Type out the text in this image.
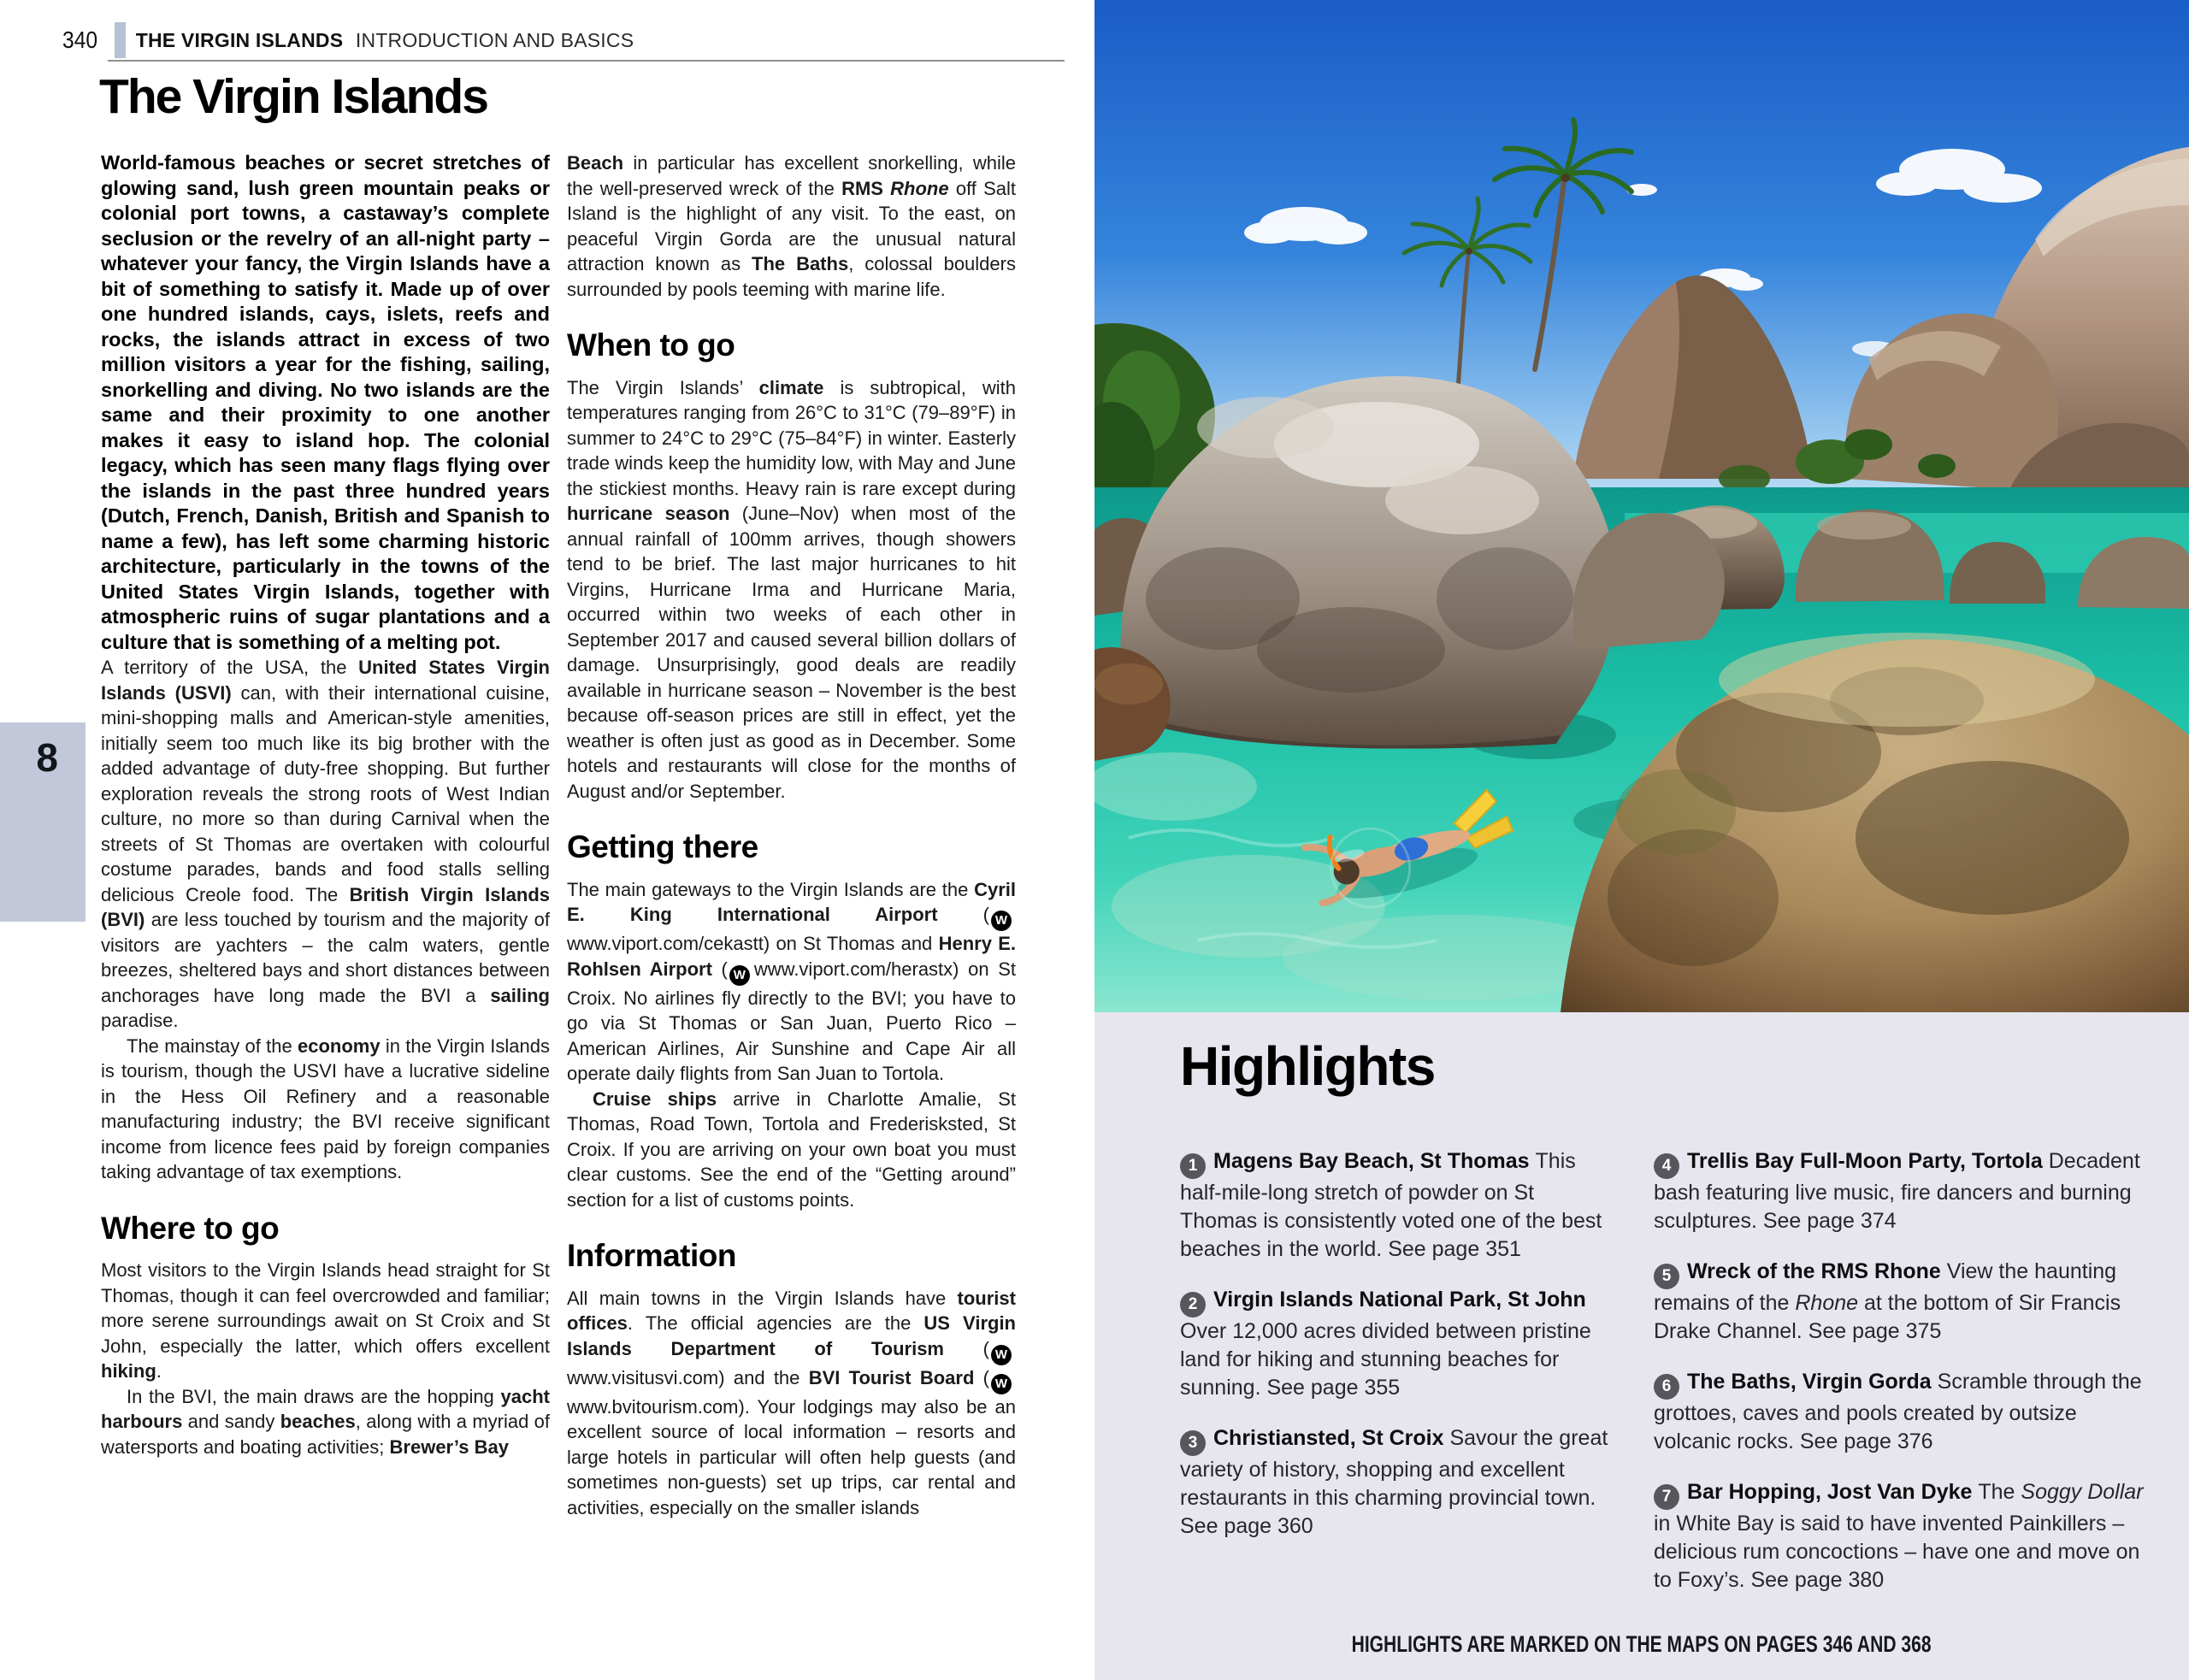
340 THE VIRGIN ISLANDS INTRODUCTION AND BASICS
8
The Virgin Islands

World-famous beaches or secret stretches of glowing sand, lush green mountain peaks or colonial port towns, a castaway’s complete seclusion or the revelry of an all-night party – whatever your fancy, the Virgin Islands have a bit of something to satisfy it. Made up of over one hundred islands, cays, islets, reefs and rocks, the islands attract in excess of two million visitors a year for the fishing, sailing, snorkelling and diving. No two islands are the same and their proximity to one another makes it easy to island hop. The colonial legacy, which has seen many flags flying over the islands in the past three hundred years (Dutch, French, Danish, British and Spanish to name a few), has left some charming historic architecture, particularly in the towns of the United States Virgin Islands, together with atmospheric ruins of sugar plantations and a culture that is something of a melting pot.

A territory of the USA, the United States Virgin Islands (USVI) can, with their international cuisine, mini-shopping malls and American-style amenities, initially seem too much like its big brother with the added advantage of duty-free shopping. But further exploration reveals the strong roots of West Indian culture, no more so than during Carnival when the streets of St Thomas are overtaken with colourful costume parades, bands and food stalls selling delicious Creole food. The British Virgin Islands (BVI) are less touched by tourism and the majority of visitors are yachters – the calm waters, gentle breezes, sheltered bays and short distances between anchorages have long made the BVI a sailing paradise.

The mainstay of the economy in the Virgin Islands is tourism, though the USVI have a lucrative sideline in the Hess Oil Refinery and a reasonable manufacturing industry; the BVI receive significant income from licence fees paid by foreign companies taking advantage of tax exemptions.

Where to go

Most visitors to the Virgin Islands head straight for St Thomas, though it can feel overcrowded and familiar; more serene surroundings await on St Croix and St John, especially the latter, which offers excellent hiking.

In the BVI, the main draws are the hopping yacht harbours and sandy beaches, along with a myriad of watersports and boating activities; Brewer’s Bay

Beach in particular has excellent snorkelling, while the well-preserved wreck of the RMS Rhone off Salt Island is the highlight of any visit. To the east, on peaceful Virgin Gorda are the unusual natural attraction known as The Baths, colossal boulders surrounded by pools teeming with marine life.

When to go

The Virgin Islands’ climate is subtropical, with temperatures ranging from 26°C to 31°C (79–89°F) in summer to 24°C to 29°C (75–84°F) in winter. Easterly trade winds keep the humidity low, with May and June the stickiest months. Heavy rain is rare except during hurricane season (June–Nov) when most of the annual rainfall of 100mm arrives, though showers tend to be brief. The last major hurricanes to hit Virgins, Hurricane Irma and Hurricane Maria, occurred within two weeks of each other in September 2017 and caused several billion dollars of damage. Unsurprisingly, good deals are readily available in hurricane season – November is the best because off-season prices are still in effect, yet the weather is often just as good as in December. Some hotels and restaurants will close for the months of August and/or September.

Getting there

The main gateways to the Virgin Islands are the Cyril E. King International Airport ( Wwww.viport.com/cekastt) on St Thomas and Henry E. Rohlsen Airport ( W www.viport.com/herastx) on St Croix. No airlines fly directly to the BVI; you have to go via St Thomas or San Juan, Puerto Rico – American Airlines, Air Sunshine and Cape Air all operate daily flights from San Juan to Tortola.

Cruise ships arrive in Charlotte Amalie, St Thomas, Road Town, Tortola and Frederisksted, St Croix. If you are arriving on your own boat you must clear customs. See the end of the “Getting around” section for a list of customs points.

Information

All main towns in the Virgin Islands have tourist offices. The official agencies are the US Virgin Islands Department of Tourism ( Wwww.visitusvi.com) and the BVI Tourist Board ( Wwww.bvitourism.com). Your lodgings may also be an excellent source of local information – resorts and large hotels in particular will often help guests (and sometimes non-guests) set up trips, car rental and activities, especially on the smaller islands

Highlights
1 Magens Bay Beach, St Thomas This half-mile-long stretch of powder on St Thomas is consistently voted one of the best beaches in the world. See page 351
2 Virgin Islands National Park, St John Over 12,000 acres divided between pristine land for hiking and stunning beaches for sunning. See page 355
3 Christiansted, St Croix Savour the great variety of history, shopping and excellent restaurants in this charming provincial town. See page 360
4 Trellis Bay Full-Moon Party, Tortola Decadent bash featuring live music, fire dancers and burning sculptures. See page 374
5 Wreck of the RMS Rhone View the haunting remains of the Rhone at the bottom of Sir Francis Drake Channel. See page 375
6 The Baths, Virgin Gorda Scramble through the grottoes, caves and pools created by outsize volcanic rocks. See page 376
7 Bar Hopping, Jost Van Dyke The Soggy Dollar in White Bay is said to have invented Painkillers – delicious rum concoctions – have one and move on to Foxy’s. See page 380
HIGHLIGHTS ARE MARKED ON THE MAPS ON PAGES 346 AND 368
